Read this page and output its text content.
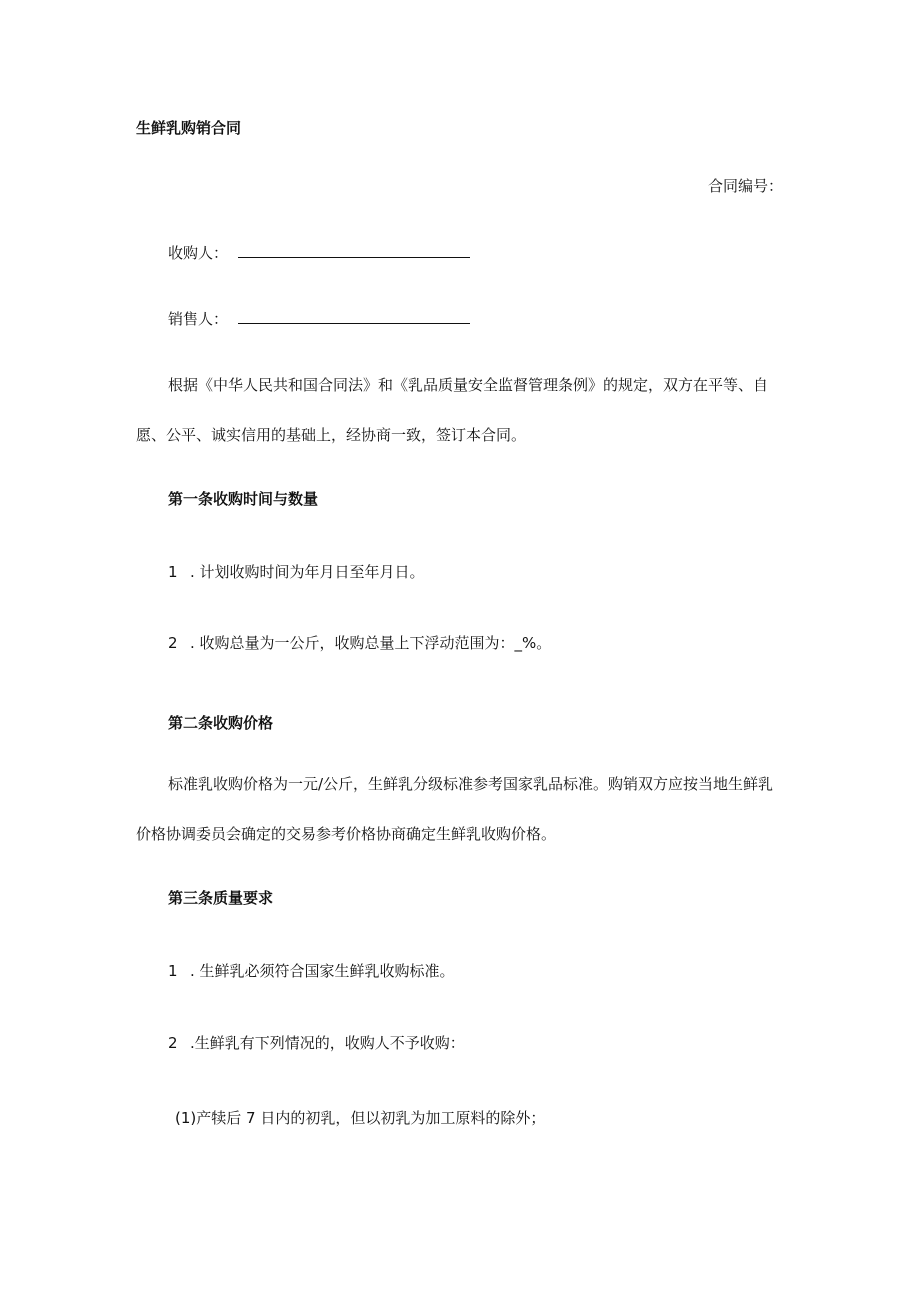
生鲜乳购销合同
合同编号：
收购人：
销售人：
根据《中华人民共和国合同法》和《乳品质量安全监督管理条例》的规定，双方在平等、自
愿、公平、诚实信用的基础上，经协商一致，签订本合同。
第一条收购时间与数量
1 . 计划收购时间为年月日至年月日。
2 . 收购总量为一公斤，收购总量上下浮动范围为：_%。
第二条收购价格
标准乳收购价格为一元/公斤，生鲜乳分级标准参考国家乳品标准。购销双方应按当地生鲜乳
价格协调委员会确定的交易参考价格协商确定生鲜乳收购价格。
第三条质量要求
1 . 生鲜乳必须符合国家生鲜乳收购标准。
2 .生鲜乳有下列情况的，收购人不予收购：
(1)产犊后 7 日内的初乳，但以初乳为加工原料的除外；
